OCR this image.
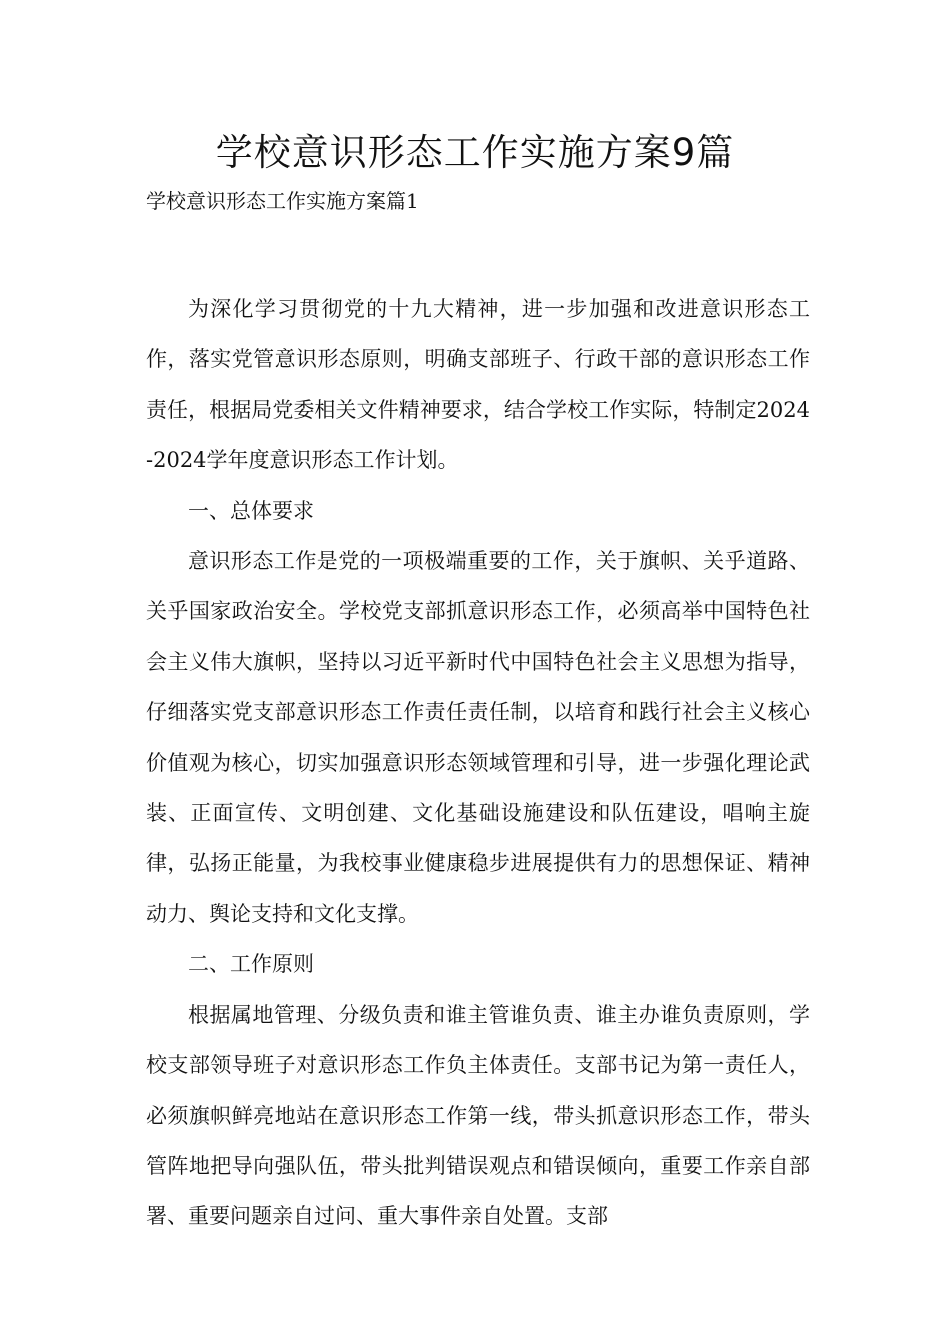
学校意识形态工作实施方案9篇

学校意识形态工作实施方案篇1

为深化学习贯彻党的十九大精神，进一步加强和改进意识形态工作，落实党管意识形态原则，明确支部班子、行政干部的意识形态工作责任，根据局党委相关文件精神要求，结合学校工作实际，特制定2024-2024学年度意识形态工作计划。

一、总体要求

意识形态工作是党的一项极端重要的工作，关于旗帜、关乎道路、关乎国家政治安全。学校党支部抓意识形态工作，必须高举中国特色社会主义伟大旗帜，坚持以习近平新时代中国特色社会主义思想为指导，仔细落实党支部意识形态工作责任责任制，以培育和践行社会主义核心价值观为核心，切实加强意识形态领域管理和引导，进一步强化理论武装、正面宣传、文明创建、文化基础设施建设和队伍建设，唱响主旋律，弘扬正能量，为我校事业健康稳步进展提供有力的思想保证、精神动力、舆论支持和文化支撑。

二、工作原则

根据属地管理、分级负责和谁主管谁负责、谁主办谁负责原则，学校支部领导班子对意识形态工作负主体责任。支部书记为第一责任人，必须旗帜鲜亮地站在意识形态工作第一线，带头抓意识形态工作，带头管阵地把导向强队伍，带头批判错误观点和错误倾向，重要工作亲自部署、重要问题亲自过问、重大事件亲自处置。支部
